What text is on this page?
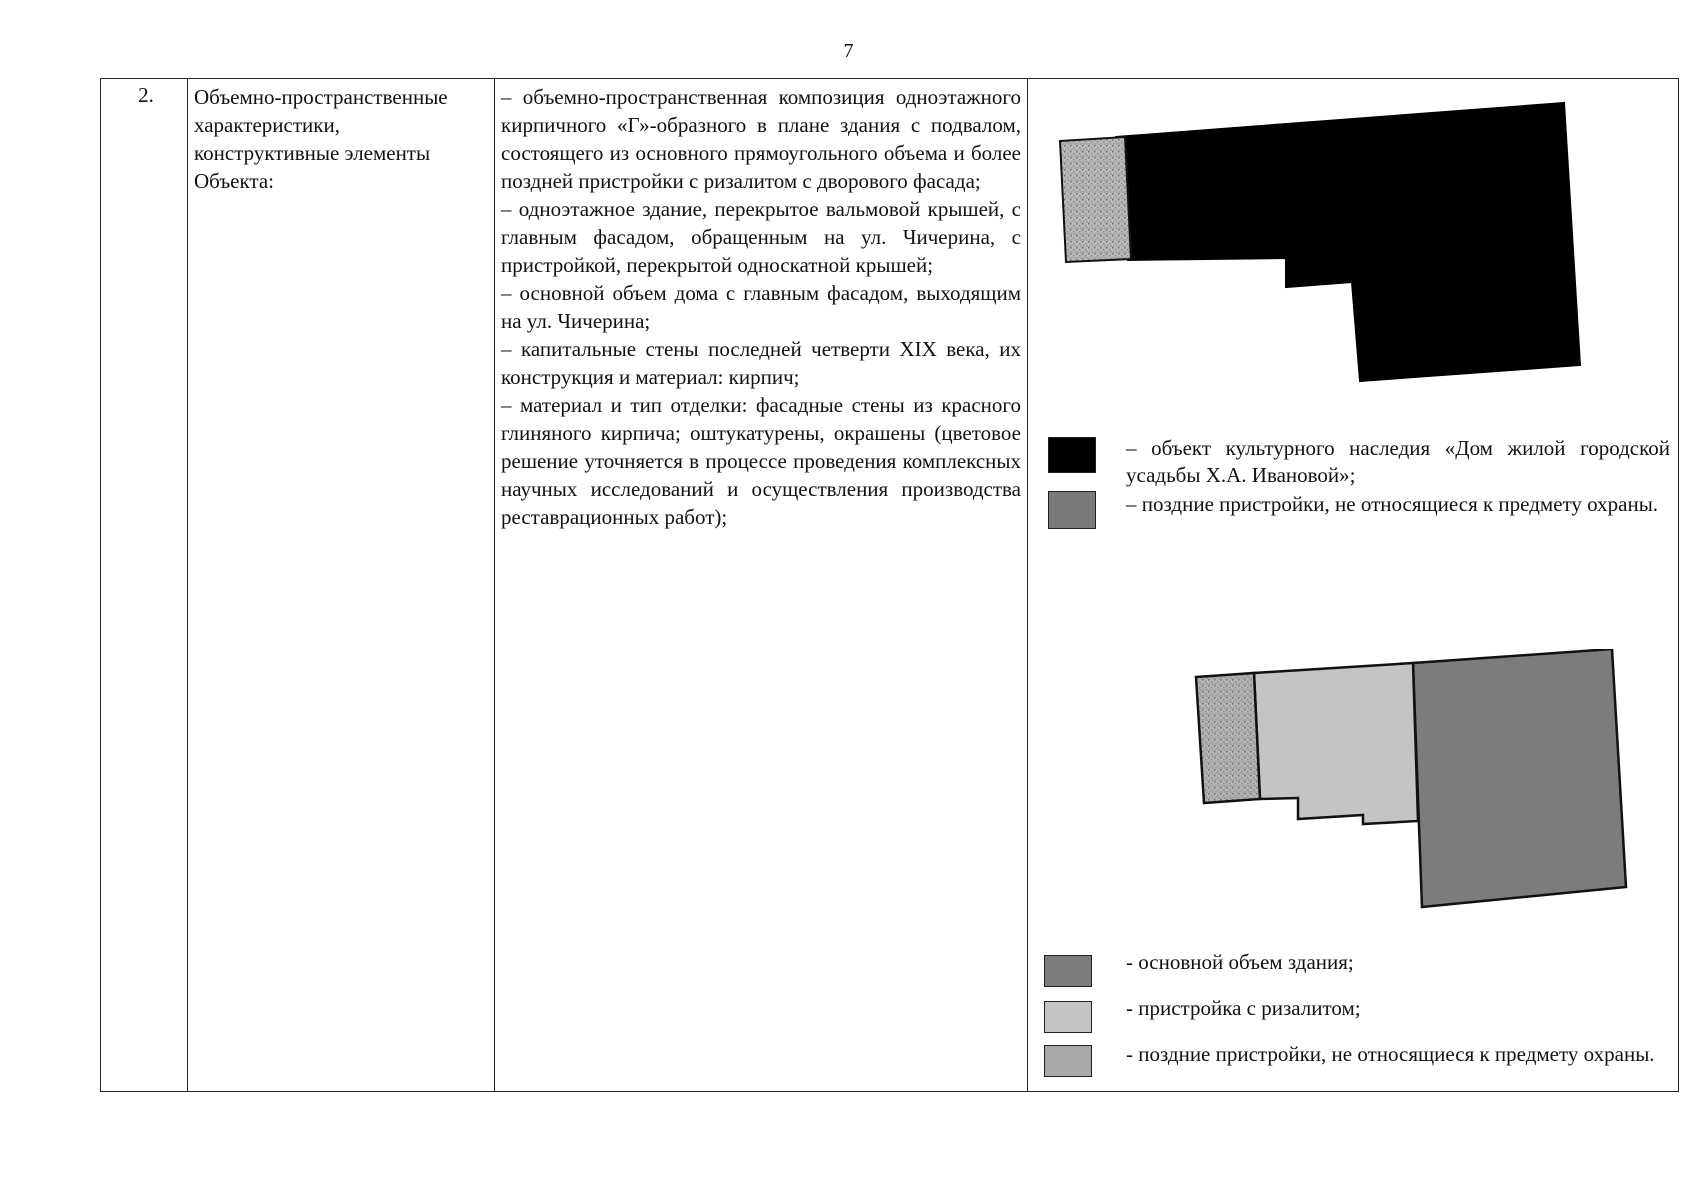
7
2.	Объемно-пространственные характеристики, конструктивные элементы Объекта:

– объемно-пространственная композиция одноэтажного кирпичного «Г»-образного в плане здания с подвалом, состоящего из основного прямоугольного объема и более поздней пристройки с ризалитом с дворового фасада;

– одноэтажное здание, перекрытое вальмовой крышей, с главным фасадом, обращенным на ул. Чичерина, с пристройкой, перекрытой односкатной крышей;

– основной объем дома с главным фасадом, выходящим на ул. Чичерина;

– капитальные стены последней четверти XIX века, их конструкция и материал: кирпич;

– материал и тип отделки: фасадные стены из красного глиняного кирпича; оштукатурены, окрашены (цветовое решение уточняется в процессе проведения комплексных научных исследований и осуществления производства реставрационных работ);

– объект культурного наследия «Дом жилой городской усадьбы Х.А. Ивановой»;
– поздние пристройки, не относящиеся к предмету охраны.
- основной объем здания;
- пристройка с ризалитом;
- поздние пристройки, не относящиеся к предмету охраны.
